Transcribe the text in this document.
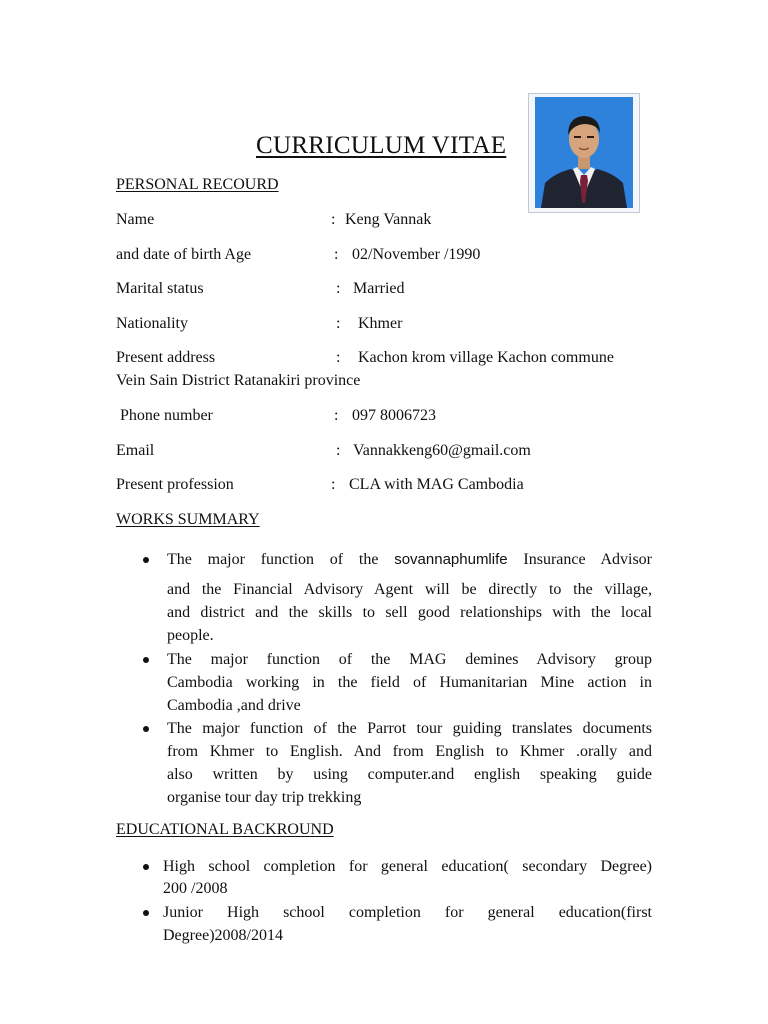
CURRICULUM VITAE
PERSONAL RECOURD
Name	: Keng Vannak
and date of birth Age	: 02/November /1990
Marital status	: Married
Nationality	: Khmer
Present address	: Kachon krom village Kachon commune
Vein Sain District Ratanakiri province
Phone number	: 097 8006723
Email	: Vannakkeng60@gmail.com
Present profession	: CLA with MAG Cambodia
WORKS SUMMARY
The major function of the sovannaphumlife Insurance Advisor
and the Financial Advisory Agent will be directly to the village,
and district and the skills to sell good relationships with the local
people.
The major function of the MAG demines Advisory group
Cambodia working in the field of Humanitarian Mine action in
Cambodia ,and drive
The major function of the Parrot tour guiding translates documents
from Khmer to English. And from English to Khmer .orally and
also written by using computer.and english speaking guide
organise tour day trip trekking
EDUCATIONAL BACKROUND
High school completion for general education( secondary Degree)
200 /2008
Junior High school completion for general education(first
Degree)2008/2014
